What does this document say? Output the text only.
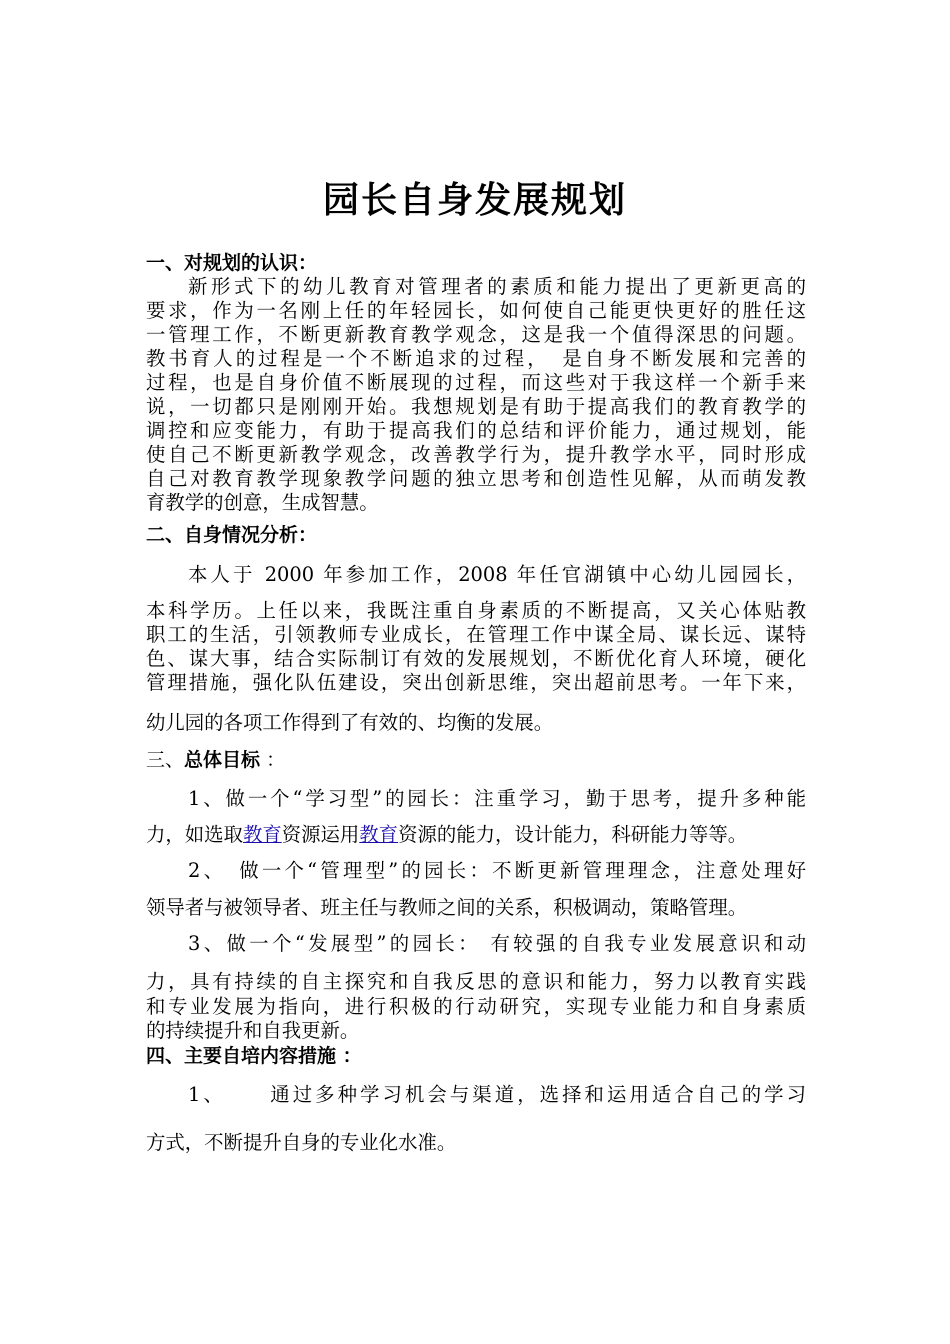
园长自身发展规划
一、对规划的认识：
新形式下的幼儿教育对管理者的素质和能力提出了更新更高的
要求，作为一名刚上任的年轻园长，如何使自己能更快更好的胜任这
一管理工作，不断更新教育教学观念，这是我一个值得深思的问题。
教书育人的过程是一个不断追求的过程，　是自身不断发展和完善的
过程，也是自身价值不断展现的过程，而这些对于我这样一个新手来
说，一切都只是刚刚开始。我想规划是有助于提高我们的教育教学的
调控和应变能力，有助于提高我们的总结和评价能力，通过规划，能
使自己不断更新教学观念，改善教学行为，提升教学水平，同时形成
自己对教育教学现象教学问题的独立思考和创造性见解，从而萌发教
育教学的创意，生成智慧。
二、自身情况分析：
本人于 2000 年参加工作，2008 年任官湖镇中心幼儿园园长，
本科学历。上任以来，我既注重自身素质的不断提高，又关心体贴教
职工的生活，引领教师专业成长，在管理工作中谋全局、谋长远、谋特
色、谋大事，结合实际制订有效的发展规划，不断优化育人环境，硬化
管理措施，强化队伍建设，突出创新思维，突出超前思考。一年下来，
幼儿园的各项工作得到了有效的、均衡的发展。
三、总体目标 ：
1、做一个“学习型”的园长：注重学习，勤于思考，提升多种能
力，如选取教育资源运用教育资源的能力，设计能力，科研能力等等。
2、　做一个“管理型”的园长：不断更新管理理念，注意处理好
领导者与被领导者、班主任与教师之间的关系，积极调动，策略管理。
3、做一个“发展型”的园长： 有较强的自我专业发展意识和动
力，具有持续的自主探究和自我反思的意识和能力，努力以教育实践
和专业发展为指向，进行积极的行动研究，实现专业能力和自身素质
的持续提升和自我更新。
四、主要自培内容措施 ：
1、　　 通过多种学习机会与渠道，选择和运用适合自己的学习
方式，不断提升自身的专业化水准。
